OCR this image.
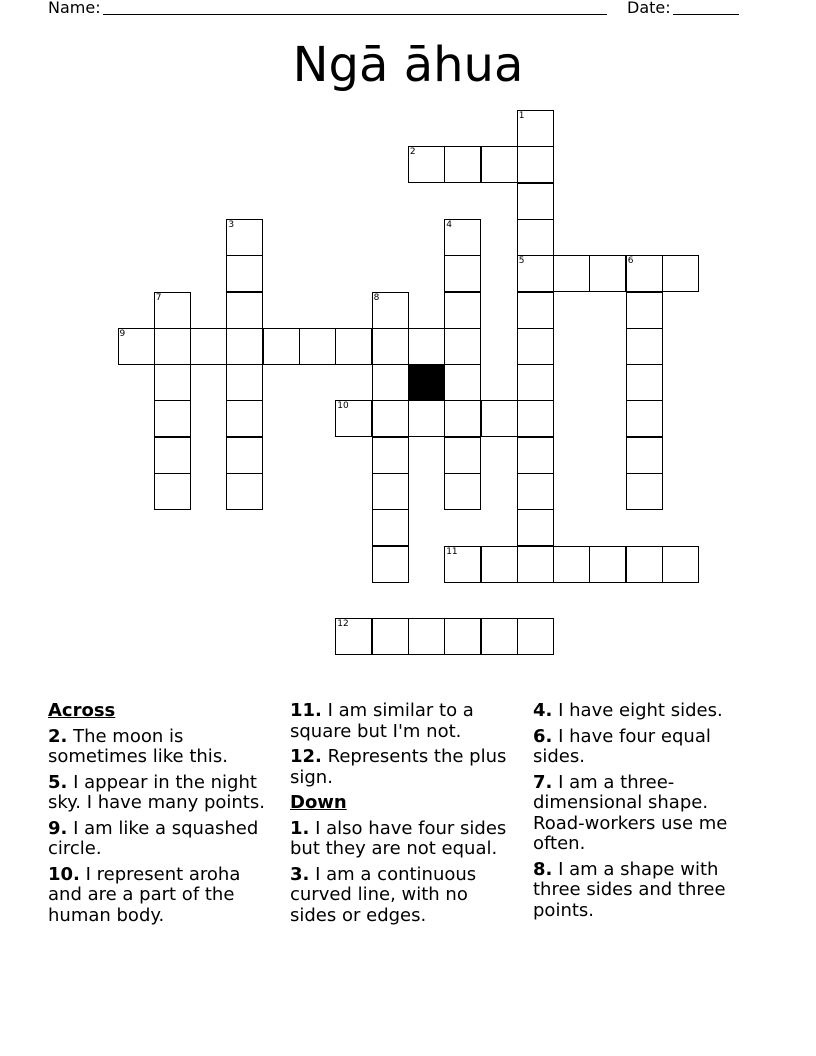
Name:	Date:
Ngā āhua
1
5
2
3	4
6
7	8
9
10
11
12
Across
2. The moon is sometimes like this.
5. I appear in the night sky. I have many points.
9. I am like a squashed circle.
10. I represent aroha and are a part of the human body.
11. I am similar to a square but I'm not.
12. Represents the plus sign.
Down
1. I also have four sides but they are not equal.
3. I am a continuous curved line, with no sides or edges.
4. I have eight sides.
6. I have four equal sides.
7. I am a three-dimensional shape. Road-workers use me often.
8. I am a shape with three sides and three points.
